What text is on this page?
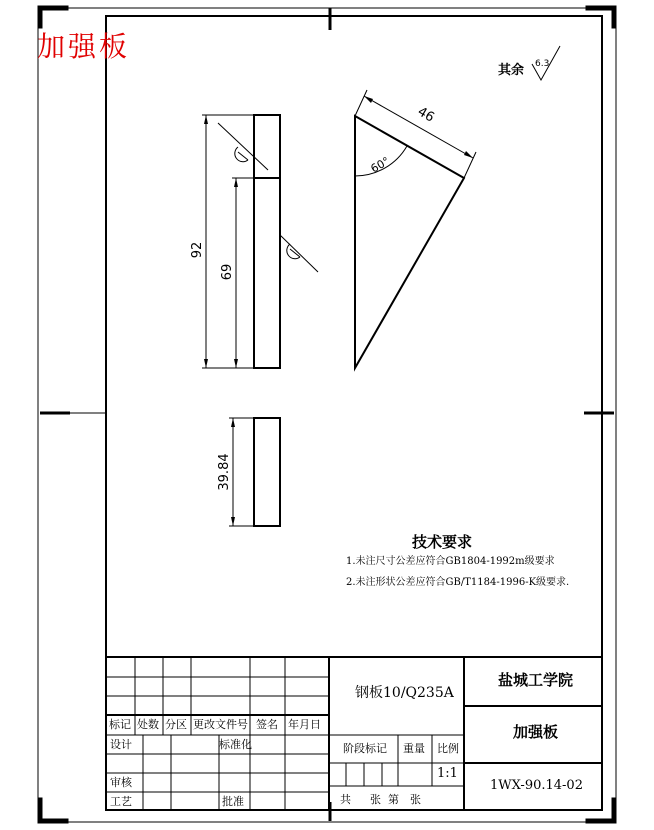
6.3
92
69
39.84
46
60°
加强板
其余
技术要求
1.未注尺寸公差应符合GB1804-1992m级要求
2.未注形状公差应符合GB/T1184-1996-K级要求.
钢板10/Q235A
盐城工学院
加强板
1WX-90.14-02
1:1
标记 处数 分区 更改文件号 签名 年月日
设计	标准化
审核
工艺	批准
阶段标记 重量 比例
共 张 第 张
